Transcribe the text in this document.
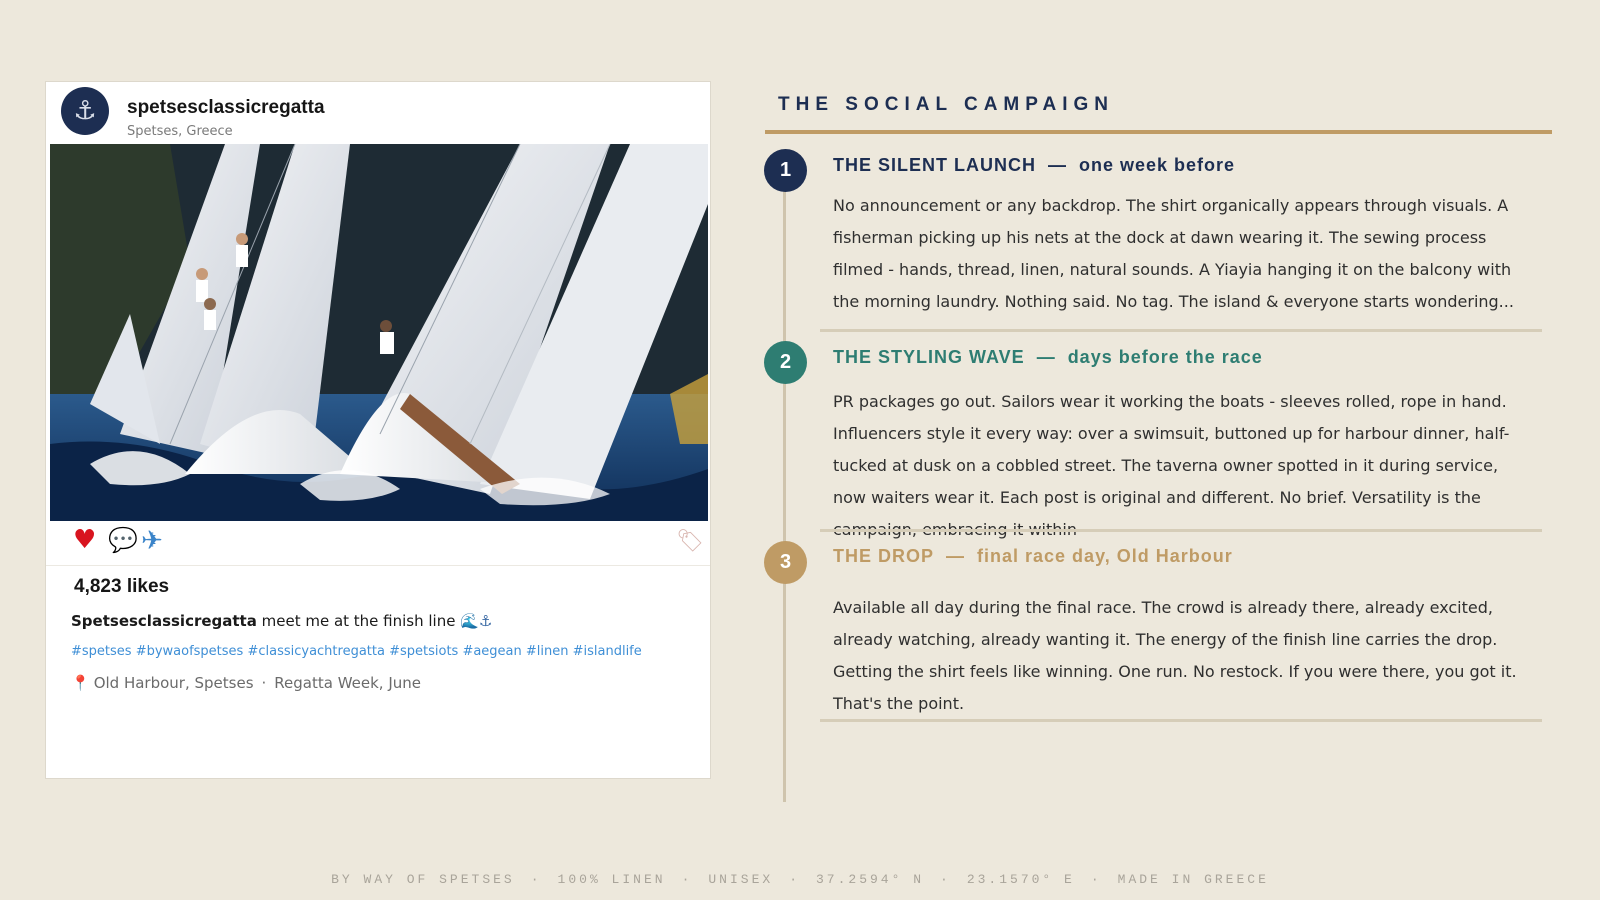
⚓ spetsesclassicregatta
Spetses, Greece
♥ 💬 ✈	🏷
4,823 likes
Spetsesclassicregatta meet me at the finish line 🌊⚓
#spetses #bywaofspetses #classicyachtregatta #spetsiots #aegean #linen #islandlife
📍 Old Harbour, Spetses · Regatta Week, June
THE SOCIAL CAMPAIGN
1	THE SILENT LAUNCH — one week before
No announcement or any backdrop. The shirt organically appears through visuals. A fisherman picking up his nets at the dock at dawn wearing it. The sewing process filmed - hands, thread, linen, natural sounds. A Yiayia hanging it on the balcony with the morning laundry. Nothing said. No tag. The island & everyone starts wondering...
2	THE STYLING WAVE — days before the race
PR packages go out. Sailors wear it working the boats - sleeves rolled, rope in hand. Influencers style it every way: over a swimsuit, buttoned up for harbour dinner, half-tucked at dusk on a cobbled street. The taverna owner spotted in it during service, now waiters wear it. Each post is original and different. No brief. Versatility is the
3	THE DROP — final race day, Old Harbour
Available all day during the final race. The crowd is already there, already excited, already watching, already wanting it. The energy of the finish line carries the drop. Getting the shirt feels like winning. One run. No restock. If you were there, you got it. That's the point.
BY WAY OF SPETSES · 100% LINEN · UNISEX · 37.2594° N · 23.1570° E · MADE IN GREECE
